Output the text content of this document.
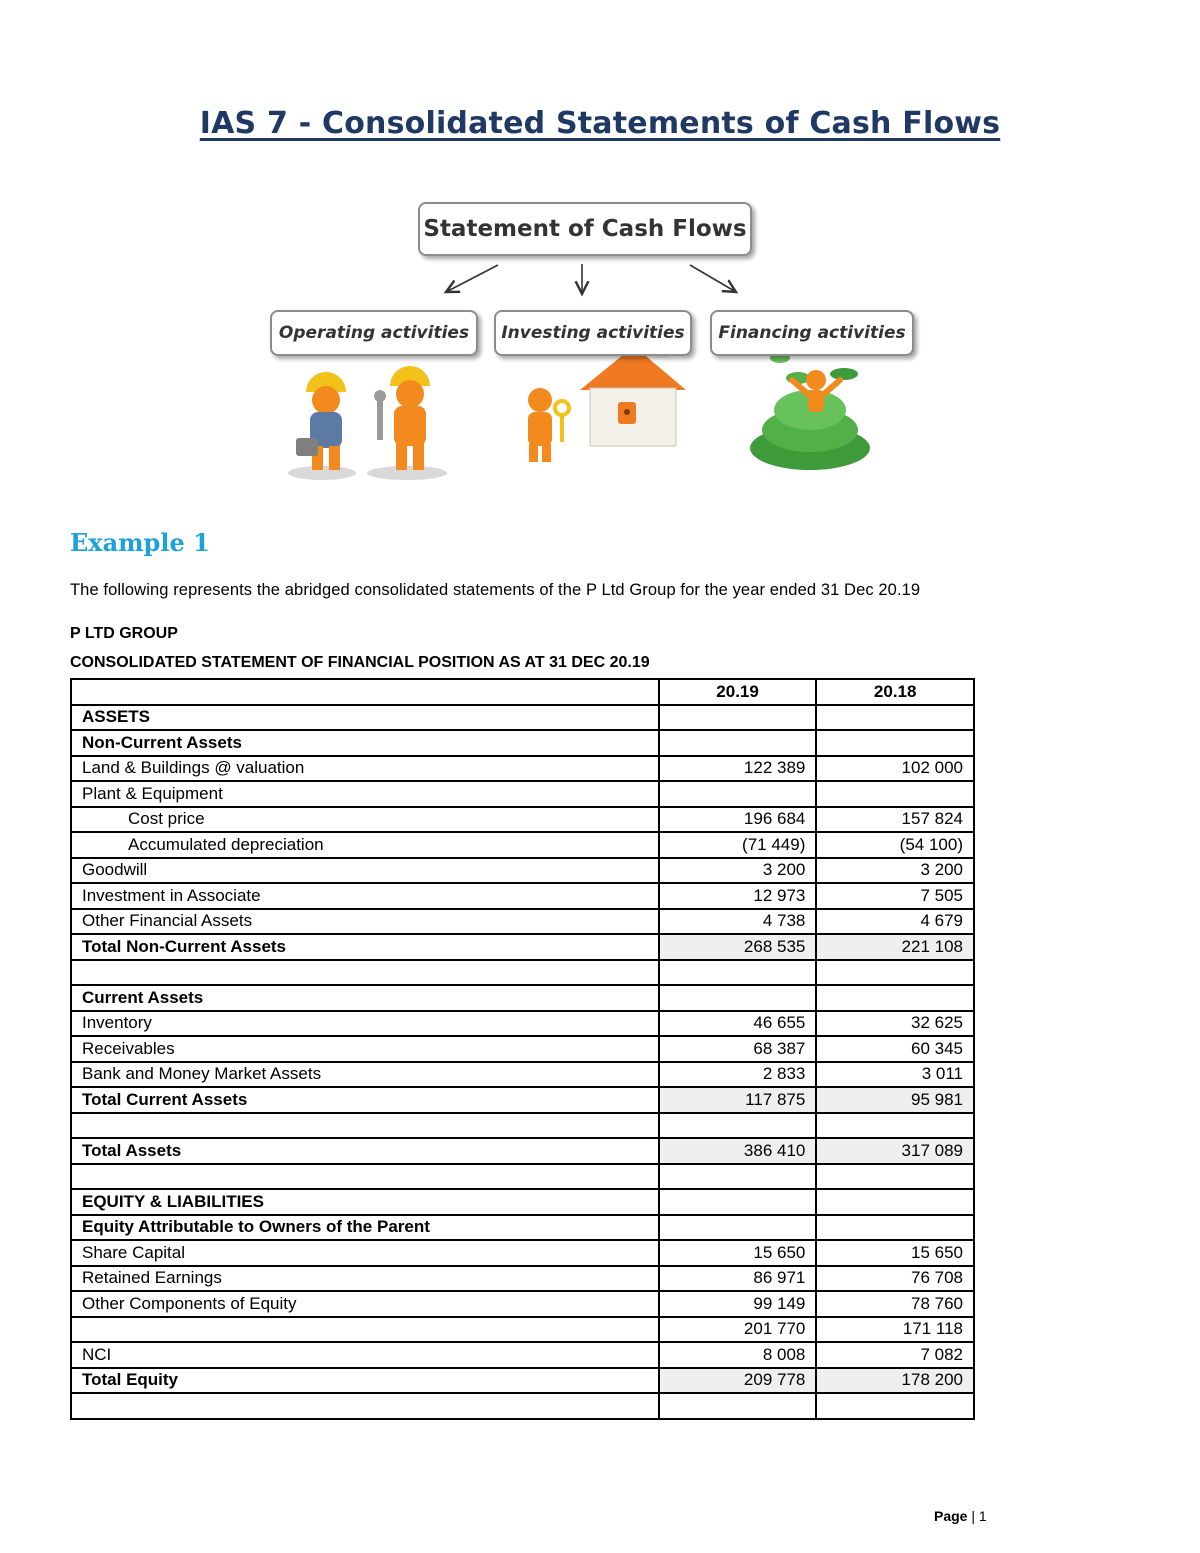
IAS 7 - Consolidated Statements of Cash Flows
Statement of Cash Flows
Operating activities	Investing activities	Financing activities
Example 1
The following represents the abridged consolidated statements of the P Ltd Group for the year ended 31 Dec 20.19
P LTD GROUP
CONSOLIDATED STATEMENT OF FINANCIAL POSITION AS AT 31 DEC 20.19
	20.19	20.18
ASSETS		
Non-Current Assets		
Land & Buildings @ valuation	122 389	102 000
Plant & Equipment		
Cost price	196 684	157 824
Accumulated depreciation	(71 449)	(54 100)
Goodwill	3 200	3 200
Investment in Associate	12 973	7 505
Other Financial Assets	4 738	4 679
Total Non-Current Assets	268 535	221 108

Current Assets		
Inventory	46 655	32 625
Receivables	68 387	60 345
Bank and Money Market Assets	2 833	3 011
Total Current Assets	117 875	95 981

Total Assets	386 410	317 089

EQUITY & LIABILITIES		
Equity Attributable to Owners of the Parent		
Share Capital	15 650	15 650
Retained Earnings	86 971	76 708
Other Components of Equity	99 149	78 760
	201 770	171 118
NCI	8 008	7 082
Total Equity	209 778	178 200

Page | 1
